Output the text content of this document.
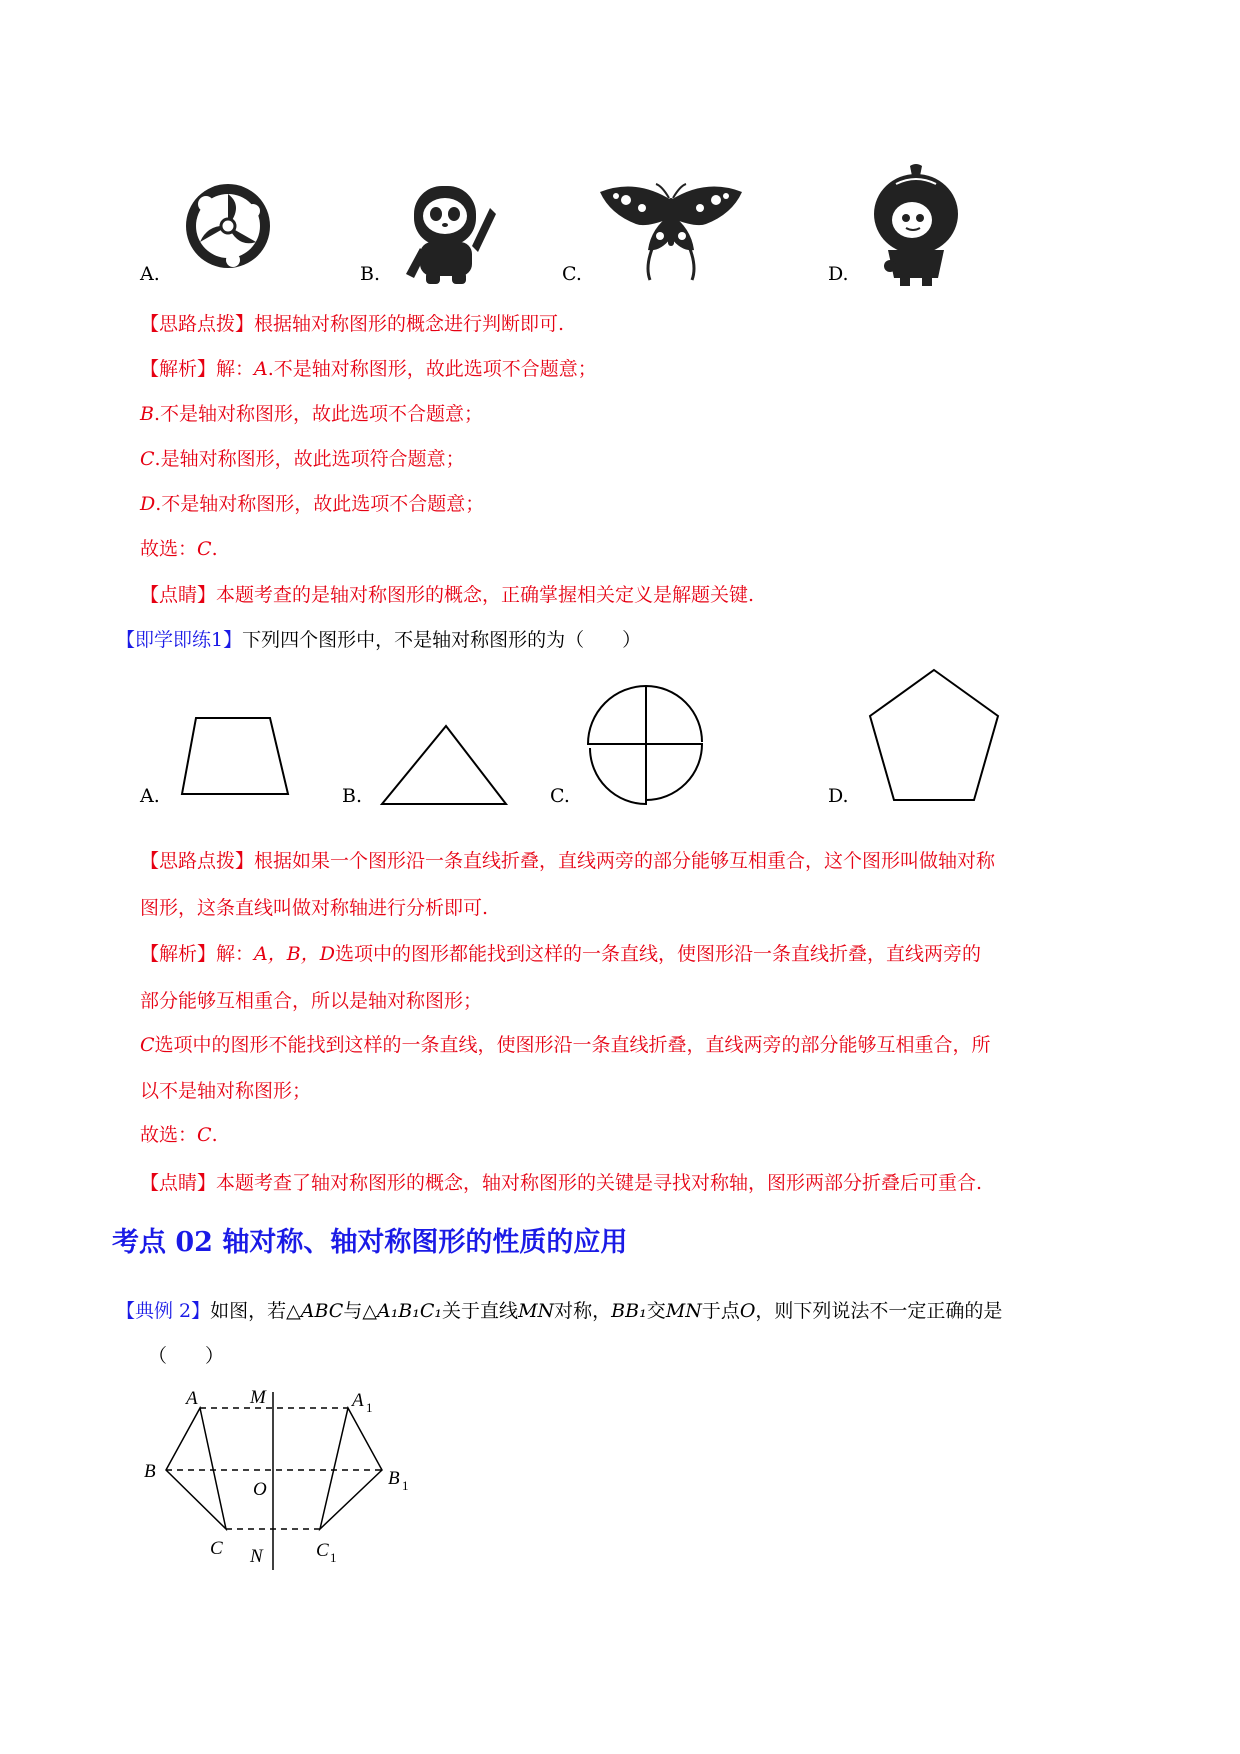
A.	B.	C.	D.
【思路点拨】根据轴对称图形的概念进行判断即可.
【解析】解：A.不是轴对称图形，故此选项不合题意；
B.不是轴对称图形，故此选项不合题意；
C.是轴对称图形，故此选项符合题意；
D.不是轴对称图形，故此选项不合题意；
故选：C.
【点睛】本题考查的是轴对称图形的概念，正确掌握相关定义是解题关键.
【即学即练1】下列四个图形中，不是轴对称图形的为（　　）
A.	B.	C.	D.
【思路点拨】根据如果一个图形沿一条直线折叠，直线两旁的部分能够互相重合，这个图形叫做轴对称
图形，这条直线叫做对称轴进行分析即可.
【解析】解：A，B，D选项中的图形都能找到这样的一条直线，使图形沿一条直线折叠，直线两旁的
部分能够互相重合，所以是轴对称图形；
C选项中的图形不能找到这样的一条直线，使图形沿一条直线折叠，直线两旁的部分能够互相重合，所
以不是轴对称图形；
故选：C.
【点睛】本题考查了轴对称图形的概念，轴对称图形的关键是寻找对称轴，图形两部分折叠后可重合.
考点 02 轴对称、轴对称图形的性质的应用
【典例 2】如图，若△ABC与△A₁B₁C₁关于直线MN对称，BB₁交MN于点O，则下列说法不一定正确的是
（　　）
A
B
C
M
O
N
A
B
C
1
1
1
